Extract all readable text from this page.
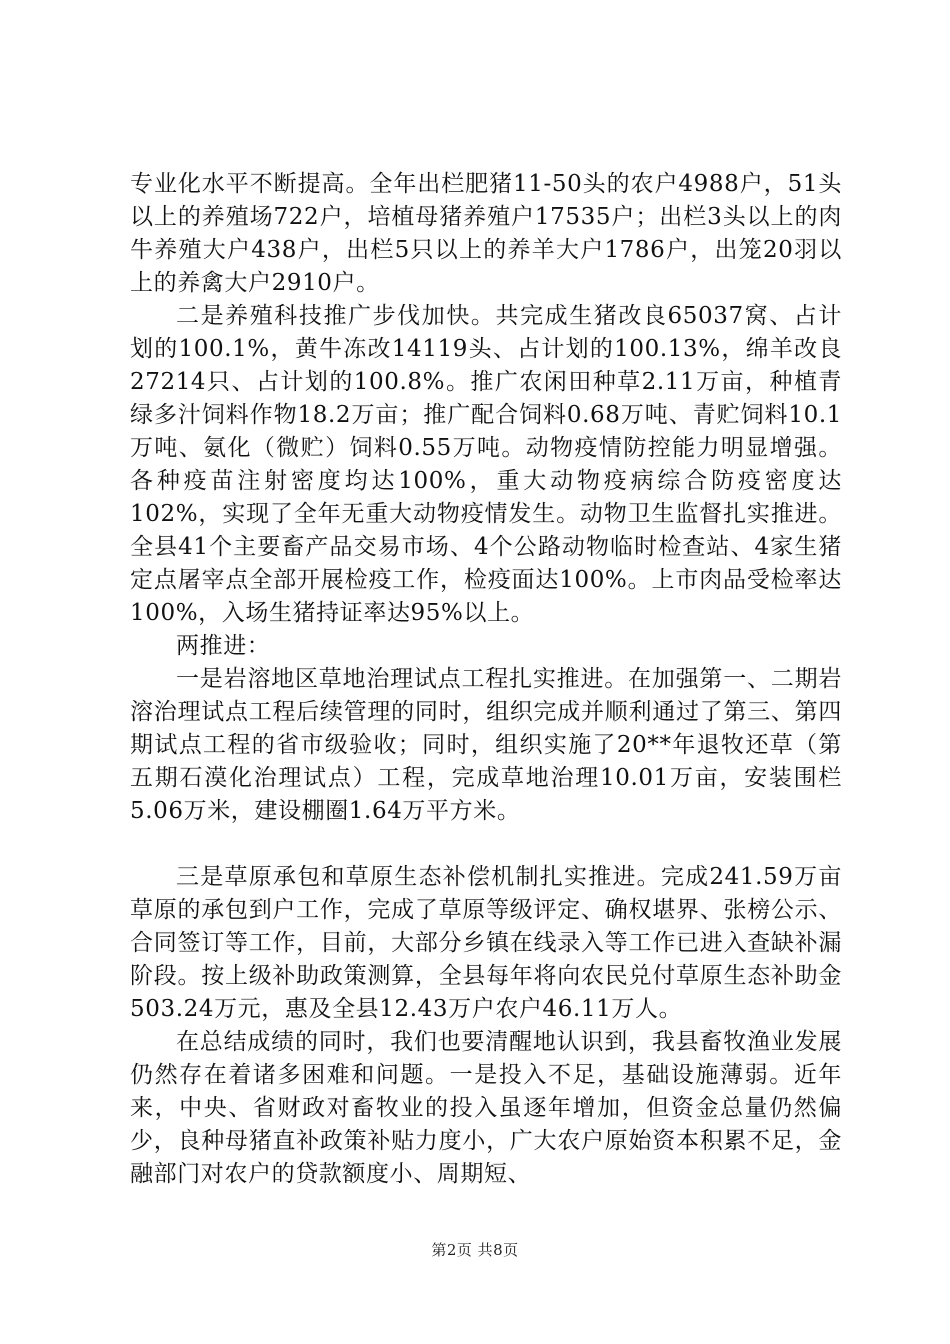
专业化水平不断提高。全年出栏肥猪11-50头的农户4988户，51头以上的养殖场722户，培植母猪养殖户17535户；出栏3头以上的肉牛养殖大户438户，出栏5只以上的养羊大户1786户，出笼20羽以上的养禽大户2910户。

二是养殖科技推广步伐加快。共完成生猪改良65037窝、占计划的100.1%，黄牛冻改14119头、占计划的100.13%，绵羊改良27214只、占计划的100.8%。推广农闲田种草2.11万亩，种植青绿多汁饲料作物18.2万亩；推广配合饲料0.68万吨、青贮饲料10.1万吨、氨化（微贮）饲料0.55万吨。动物疫情防控能力明显增强。各种疫苗注射密度均达100%，重大动物疫病综合防疫密度达102%，实现了全年无重大动物疫情发生。动物卫生监督扎实推进。全县41个主要畜产品交易市场、4个公路动物临时检查站、4家生猪定点屠宰点全部开展检疫工作，检疫面达100%。上市肉品受检率达100%，入场生猪持证率达95%以上。

两推进：

一是岩溶地区草地治理试点工程扎实推进。在加强第一、二期岩溶治理试点工程后续管理的同时，组织完成并顺利通过了第三、第四期试点工程的省市级验收；同时，组织实施了20**年退牧还草（第五期石漠化治理试点）工程，完成草地治理10.01万亩，安装围栏5.06万米，建设棚圈1.64万平方米。

三是草原承包和草原生态补偿机制扎实推进。完成241.59万亩草原的承包到户工作，完成了草原等级评定、确权堪界、张榜公示、合同签订等工作，目前，大部分乡镇在线录入等工作已进入查缺补漏阶段。按上级补助政策测算，全县每年将向农民兑付草原生态补助金503.24万元，惠及全县12.43万户农户46.11万人。

在总结成绩的同时，我们也要清醒地认识到，我县畜牧渔业发展仍然存在着诸多困难和问题。一是投入不足，基础设施薄弱。近年来，中央、省财政对畜牧业的投入虽逐年增加，但资金总量仍然偏少，良种母猪直补政策补贴力度小，广大农户原始资本积累不足，金融部门对农户的贷款额度小、周期短、

第2页 共8页
